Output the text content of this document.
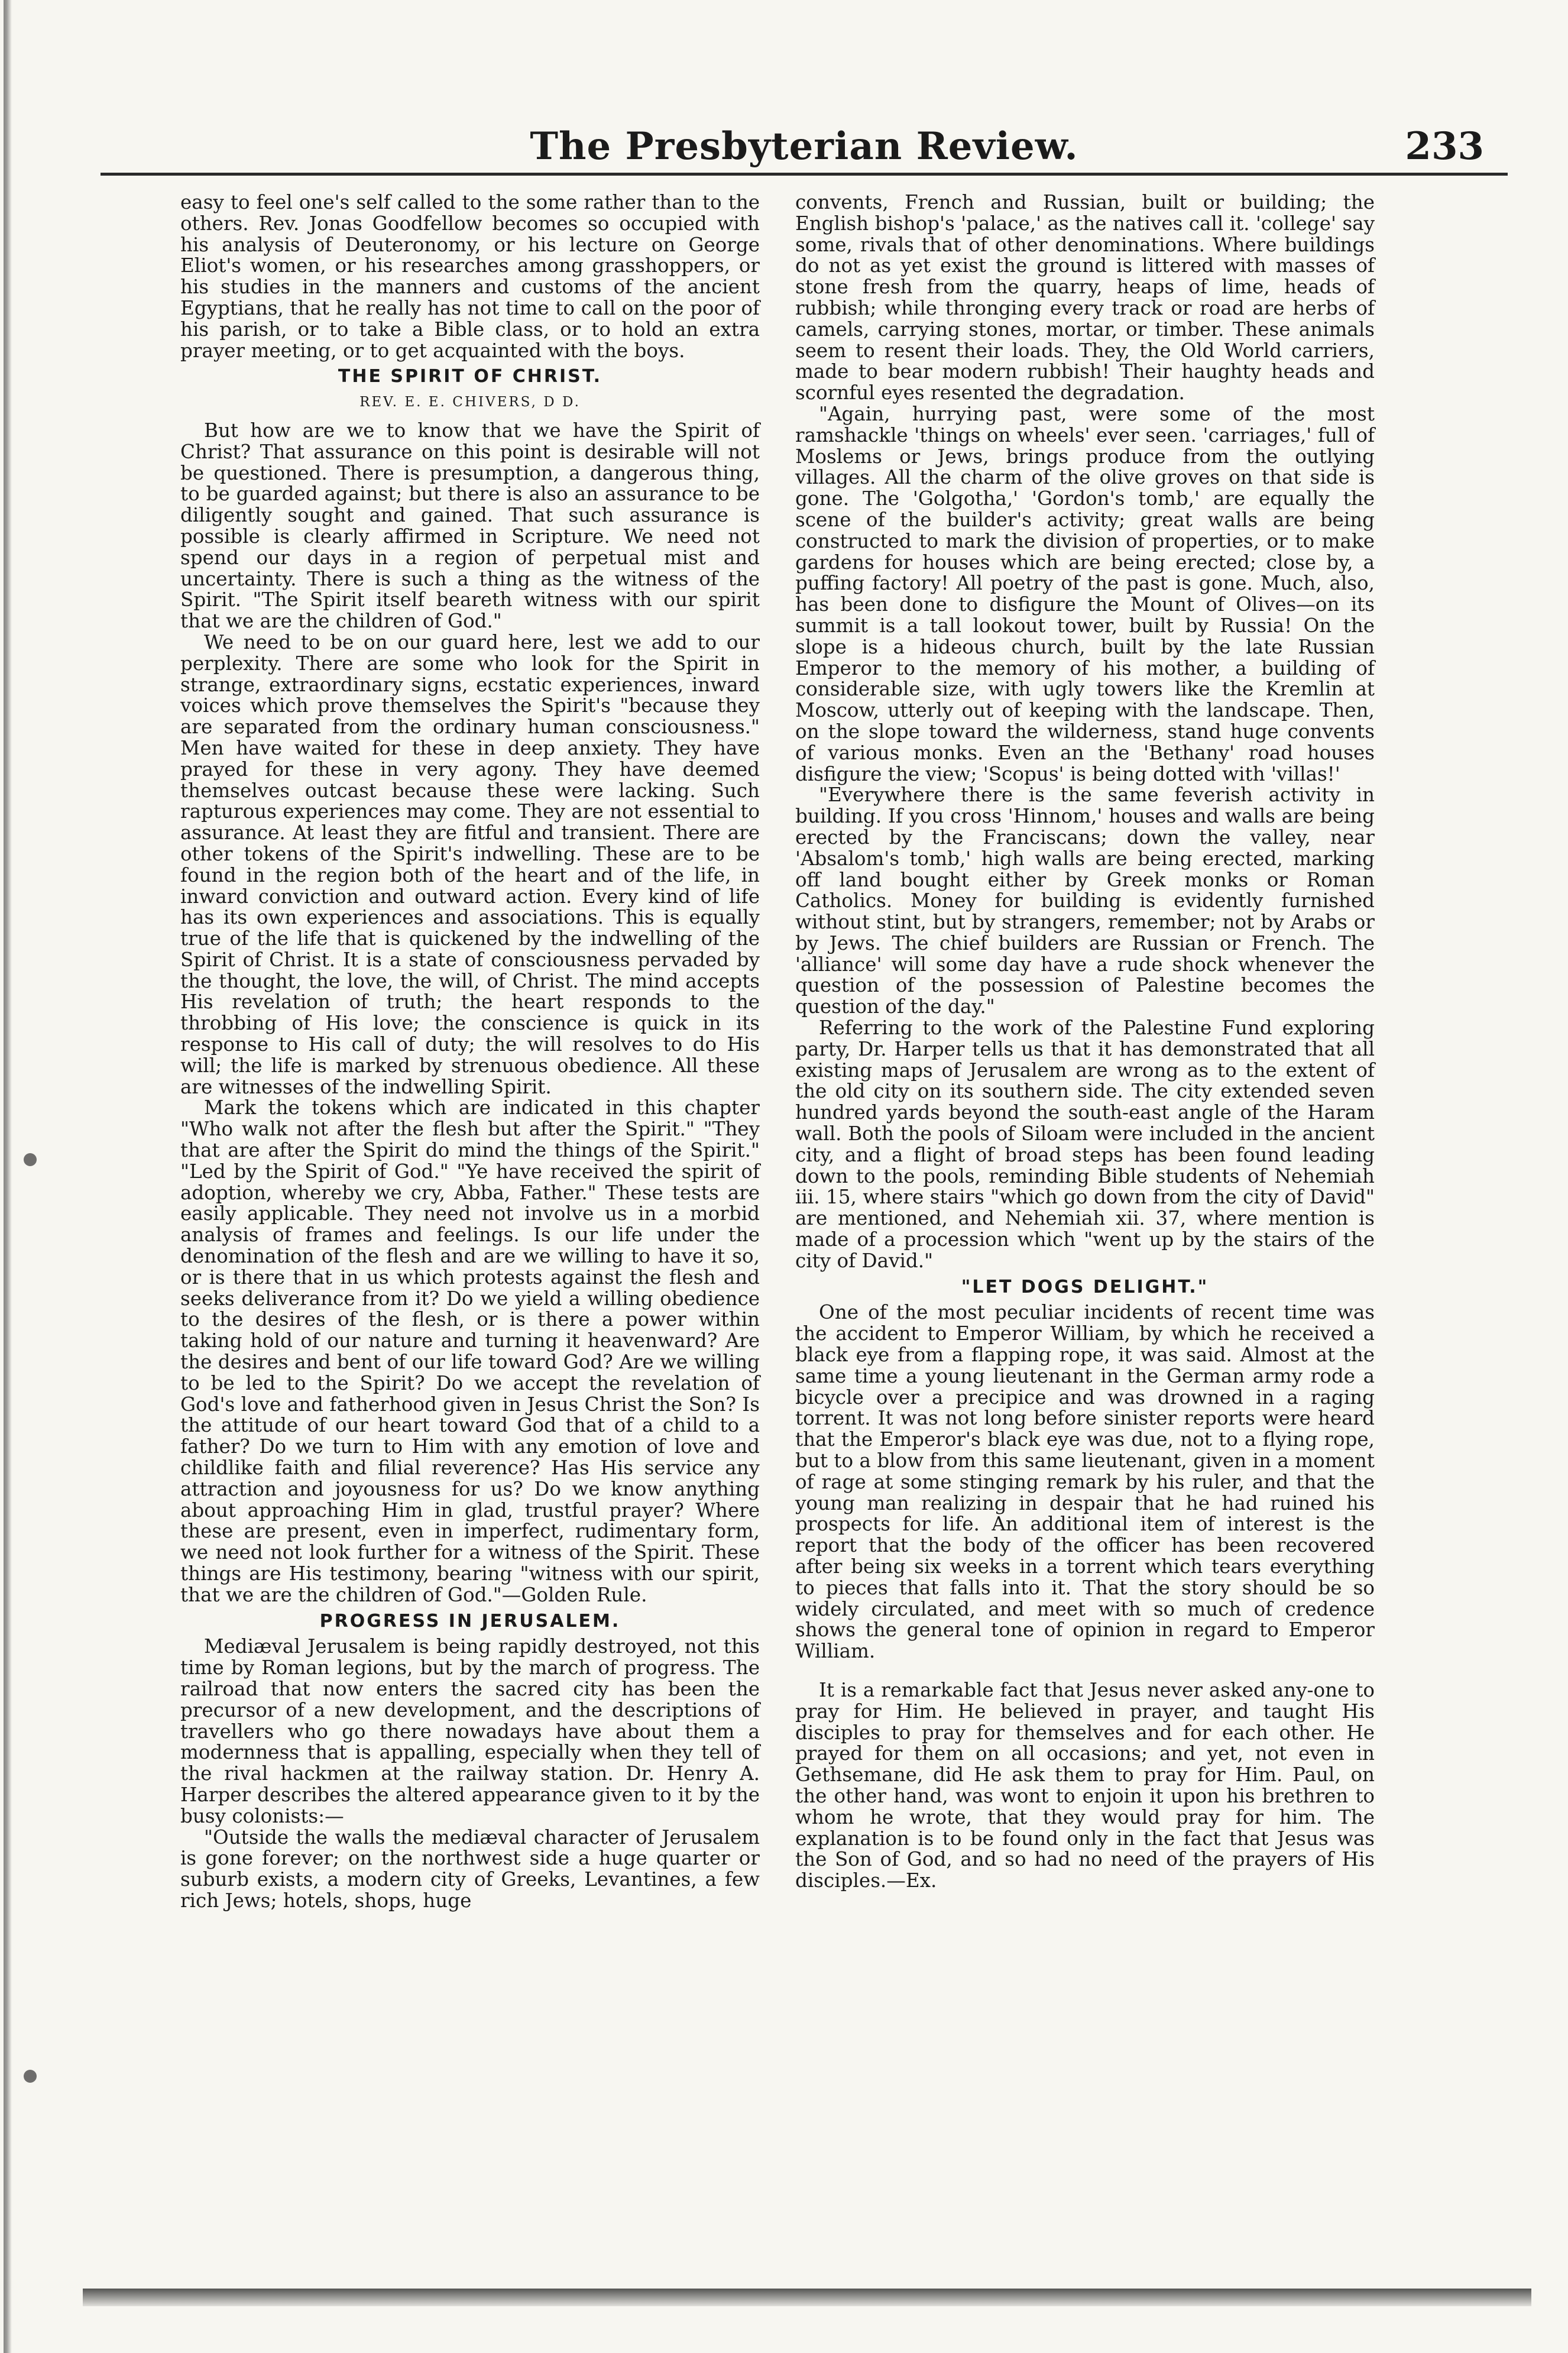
The Presbyterian Review.	233

easy to feel one's self called to the some rather than to the others. Rev. Jonas Goodfellow becomes so occupied with his analysis of Deuteronomy, or his lecture on George Eliot's women, or his researches among grasshoppers, or his studies in the manners and customs of the ancient Egyptians, that he really has not time to call on the poor of his parish, or to take a Bible class, or to hold an extra prayer meeting, or to get acquainted with the boys.

THE SPIRIT OF CHRIST.
REV. E. E. CHIVERS, D D.

But how are we to know that we have the Spirit of Christ? That assurance on this point is desirable will not be questioned. There is presumption, a dangerous thing, to be guarded against; but there is also an assurance to be diligently sought and gained. That such assurance is possible is clearly affirmed in Scripture. We need not spend our days in a region of perpetual mist and uncertainty. There is such a thing as the witness of the Spirit. "The Spirit itself beareth witness with our spirit that we are the children of God."

We need to be on our guard here, lest we add to our perplexity. There are some who look for the Spirit in strange, extraordinary signs, ecstatic experiences, inward voices which prove themselves the Spirit's "because they are separated from the ordinary human consciousness." Men have waited for these in deep anxiety. They have prayed for these in very agony. They have deemed themselves outcast because these were lacking. Such rapturous experiences may come. They are not essential to assurance. At least they are fitful and transient. There are other tokens of the Spirit's indwelling. These are to be found in the region both of the heart and of the life, in inward conviction and outward action. Every kind of life has its own experiences and associations. This is equally true of the life that is quickened by the indwelling of the Spirit of Christ. It is a state of consciousness pervaded by the thought, the love, the will, of Christ. The mind accepts His revelation of truth; the heart responds to the throbbing of His love; the conscience is quick in its response to His call of duty; the will resolves to do His will; the life is marked by strenuous obedience. All these are witnesses of the indwelling Spirit.

Mark the tokens which are indicated in this chapter "Who walk not after the flesh but after the Spirit." "They that are after the Spirit do mind the things of the Spirit." "Led by the Spirit of God." "Ye have received the spirit of adoption, whereby we cry, Abba, Father." These tests are easily applicable. They need not involve us in a morbid analysis of frames and feelings. Is our life under the denomination of the flesh and are we willing to have it so, or is there that in us which protests against the flesh and seeks deliverance from it? Do we yield a willing obedience to the desires of the flesh, or is there a power within taking hold of our nature and turning it heavenward? Are the desires and bent of our life toward God? Are we willing to be led to the Spirit? Do we accept the revelation of God's love and fatherhood given in Jesus Christ the Son? Is the attitude of our heart toward God that of a child to a father? Do we turn to Him with any emotion of love and childlike faith and filial reverence? Has His service any attraction and joyousness for us? Do we know anything about approaching Him in glad, trustful prayer? Where these are present, even in imperfect, rudimentary form, we need not look further for a witness of the Spirit. These things are His testimony, bearing "witness with our spirit, that we are the children of God."—Golden Rule.

PROGRESS IN JERUSALEM.

Mediæval Jerusalem is being rapidly destroyed, not this time by Roman legions, but by the march of progress. The railroad that now enters the sacred city has been the precursor of a new development, and the descriptions of travellers who go there nowadays have about them a modernness that is appalling, especially when they tell of the rival hackmen at the railway station. Dr. Henry A. Harper describes the altered appearance given to it by the busy colonists:—

"Outside the walls the mediæval character of Jerusalem is gone forever; on the northwest side a huge quarter or suburb exists, a modern city of Greeks, Levantines, a few rich Jews; hotels, shops, huge

convents, French and Russian, built or building; the English bishop's 'palace,' as the natives call it. 'college' say some, rivals that of other denominations. Where buildings do not as yet exist the ground is littered with masses of stone fresh from the quarry, heaps of lime, heads of rubbish; while thronging every track or road are herbs of camels, carrying stones, mortar, or timber. These animals seem to resent their loads. They, the Old World carriers, made to bear modern rubbish! Their haughty heads and scornful eyes resented the degradation.

"Again, hurrying past, were some of the most ramshackle 'things on wheels' ever seen. 'carriages,' full of Moslems or Jews, brings produce from the outlying villages. All the charm of the olive groves on that side is gone. The 'Golgotha,' 'Gordon's tomb,' are equally the scene of the builder's activity; great walls are being constructed to mark the division of properties, or to make gardens for houses which are being erected; close by, a puffing factory! All poetry of the past is gone. Much, also, has been done to disfigure the Mount of Olives—on its summit is a tall lookout tower, built by Russia! On the slope is a hideous church, built by the late Russian Emperor to the memory of his mother, a building of considerable size, with ugly towers like the Kremlin at Moscow, utterly out of keeping with the landscape. Then, on the slope toward the wilderness, stand huge convents of various monks. Even an the 'Bethany' road houses disfigure the view; 'Scopus' is being dotted with 'villas!'

"Everywhere there is the same feverish activity in building. If you cross 'Hinnom,' houses and walls are being erected by the Franciscans; down the valley, near 'Absalom's tomb,' high walls are being erected, marking off land bought either by Greek monks or Roman Catholics. Money for building is evidently furnished without stint, but by strangers, remember; not by Arabs or by Jews. The chief builders are Russian or French. The 'alliance' will some day have a rude shock whenever the question of the possession of Palestine becomes the question of the day."

Referring to the work of the Palestine Fund exploring party, Dr. Harper tells us that it has demonstrated that all existing maps of Jerusalem are wrong as to the extent of the old city on its southern side. The city extended seven hundred yards beyond the south-east angle of the Haram wall. Both the pools of Siloam were included in the ancient city, and a flight of broad steps has been found leading down to the pools, reminding Bible students of Nehemiah iii. 15, where stairs "which go down from the city of David" are mentioned, and Nehemiah xii. 37, where mention is made of a procession which "went up by the stairs of the city of David."

"LET DOGS DELIGHT."

One of the most peculiar incidents of recent time was the accident to Emperor William, by which he received a black eye from a flapping rope, it was said. Almost at the same time a young lieutenant in the German army rode a bicycle over a precipice and was drowned in a raging torrent. It was not long before sinister reports were heard that the Emperor's black eye was due, not to a flying rope, but to a blow from this same lieutenant, given in a moment of rage at some stinging remark by his ruler, and that the young man realizing in despair that he had ruined his prospects for life. An additional item of interest is the report that the body of the officer has been recovered after being six weeks in a torrent which tears everything to pieces that falls into it. That the story should be so widely circulated, and meet with so much of credence shows the general tone of opinion in regard to Emperor William.

It is a remarkable fact that Jesus never asked any-one to pray for Him. He believed in prayer, and taught His disciples to pray for themselves and for each other. He prayed for them on all occasions; and yet, not even in Gethsemane, did He ask them to pray for Him. Paul, on the other hand, was wont to enjoin it upon his brethren to whom he wrote, that they would pray for him. The explanation is to be found only in the fact that Jesus was the Son of God, and so had no need of the prayers of His disciples.—Ex.
